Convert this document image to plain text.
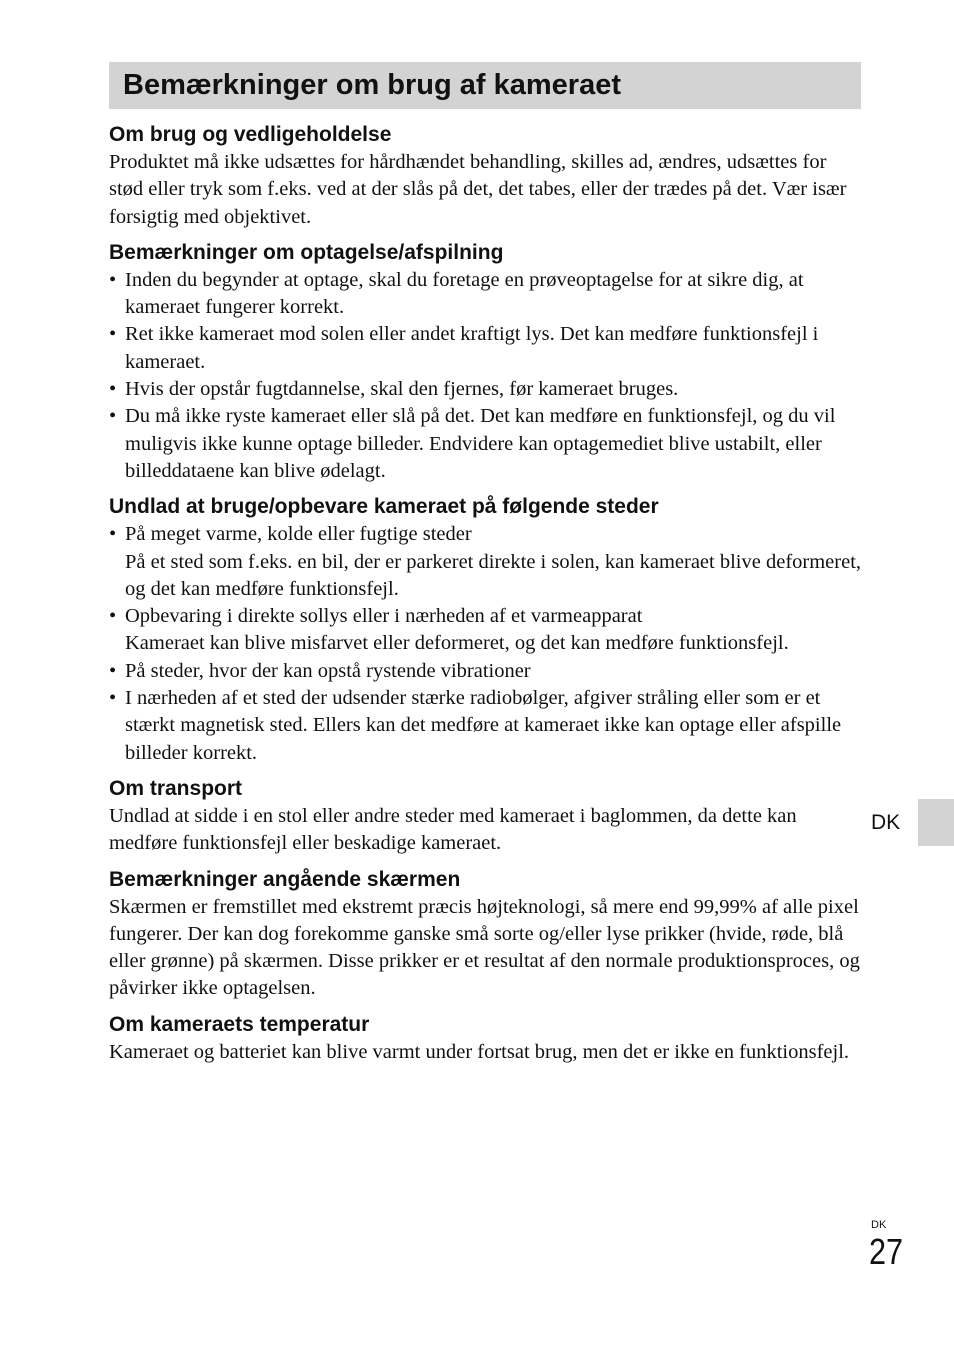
Bemærkninger om brug af kameraet
Om brug og vedligeholdelse

Produktet må ikke udsættes for hårdhændet behandling, skilles ad, ændres, udsættes for stød eller tryk som f.eks. ved at der slås på det, det tabes, eller der trædes på det. Vær især forsigtig med objektivet.

Bemærkninger om optagelse/afspilning
• Inden du begynder at optage, skal du foretage en prøveoptagelse for at sikre dig, at kameraet fungerer korrekt.
• Ret ikke kameraet mod solen eller andet kraftigt lys. Det kan medføre funktionsfejl i kameraet.
• Hvis der opstår fugtdannelse, skal den fjernes, før kameraet bruges.
• Du må ikke ryste kameraet eller slå på det. Det kan medføre en funktionsfejl, og du vil muligvis ikke kunne optage billeder. Endvidere kan optagemediet blive ustabilt, eller billeddataene kan blive ødelagt.
Undlad at bruge/opbevare kameraet på følgende steder
• På meget varme, kolde eller fugtige steder
På et sted som f.eks. en bil, der er parkeret direkte i solen, kan kameraet blive deformeret, og det kan medføre funktionsfejl.
• Opbevaring i direkte sollys eller i nærheden af et varmeapparat
Kameraet kan blive misfarvet eller deformeret, og det kan medføre funktionsfejl.
• På steder, hvor der kan opstå rystende vibrationer
• I nærheden af et sted der udsender stærke radiobølger, afgiver stråling eller som er et stærkt magnetisk sted. Ellers kan det medføre at kameraet ikke kan optage eller afspille billeder korrekt.
Om transport

Undlad at sidde i en stol eller andre steder med kameraet i baglommen, da dette kan medføre funktionsfejl eller beskadige kameraet.

Bemærkninger angående skærmen

Skærmen er fremstillet med ekstremt præcis højteknologi, så mere end 99,99% af alle pixel fungerer. Der kan dog forekomme ganske små sorte og/eller lyse prikker (hvide, røde, blå eller grønne) på skærmen. Disse prikker er et resultat af den normale produktionsproces, og påvirker ikke optagelsen.

Om kameraets temperatur

Kameraet og batteriet kan blive varmt under fortsat brug, men det er ikke en funktionsfejl.

DK
DK
27
